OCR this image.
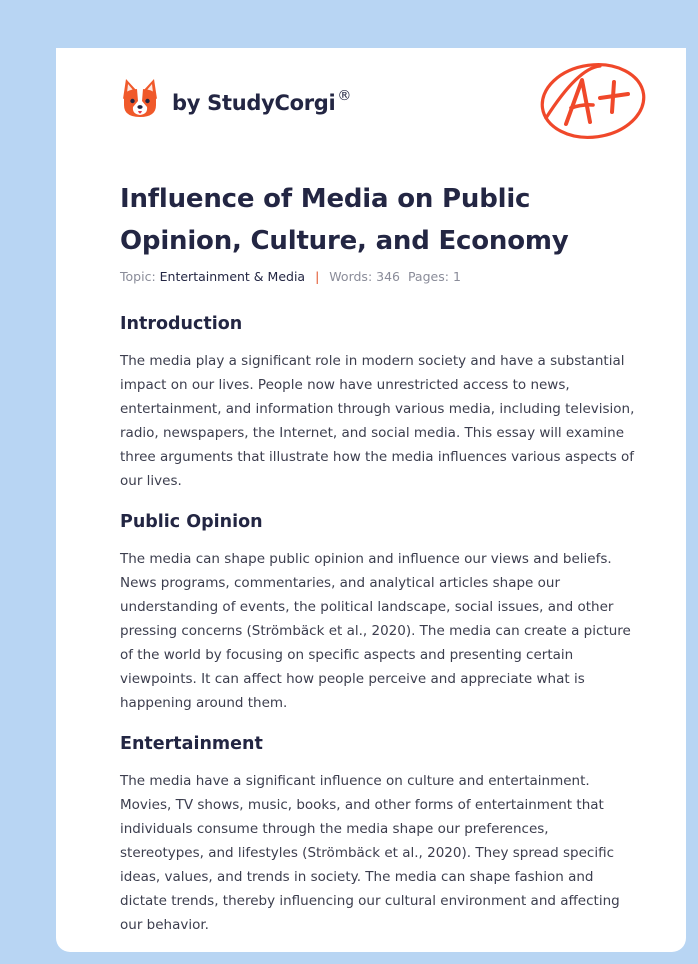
by StudyCorgi ®
Influence of Media on Public Opinion, Culture, and Economy
Topic: Entertainment & Media | Words: 346 Pages: 1
Introduction

The media play a significant role in modern society and have a substantial impact on our lives. People now have unrestricted access to news, entertainment, and information through various media, including television, radio, newspapers, the Internet, and social media. This essay will examine three arguments that illustrate how the media influences various aspects of our lives.

Public Opinion

The media can shape public opinion and influence our views and beliefs. News programs, commentaries, and analytical articles shape our understanding of events, the political landscape, social issues, and other pressing concerns (Strömbäck et al., 2020). The media can create a picture of the world by focusing on specific aspects and presenting certain viewpoints. It can affect how people perceive and appreciate what is happening around them.

Entertainment

The media have a significant influence on culture and entertainment. Movies, TV shows, music, books, and other forms of entertainment that individuals consume through the media shape our preferences, stereotypes, and lifestyles (Strömbäck et al., 2020). They spread specific ideas, values, and trends in society. The media can shape fashion and dictate trends, thereby influencing our cultural environment and affecting our behavior.
